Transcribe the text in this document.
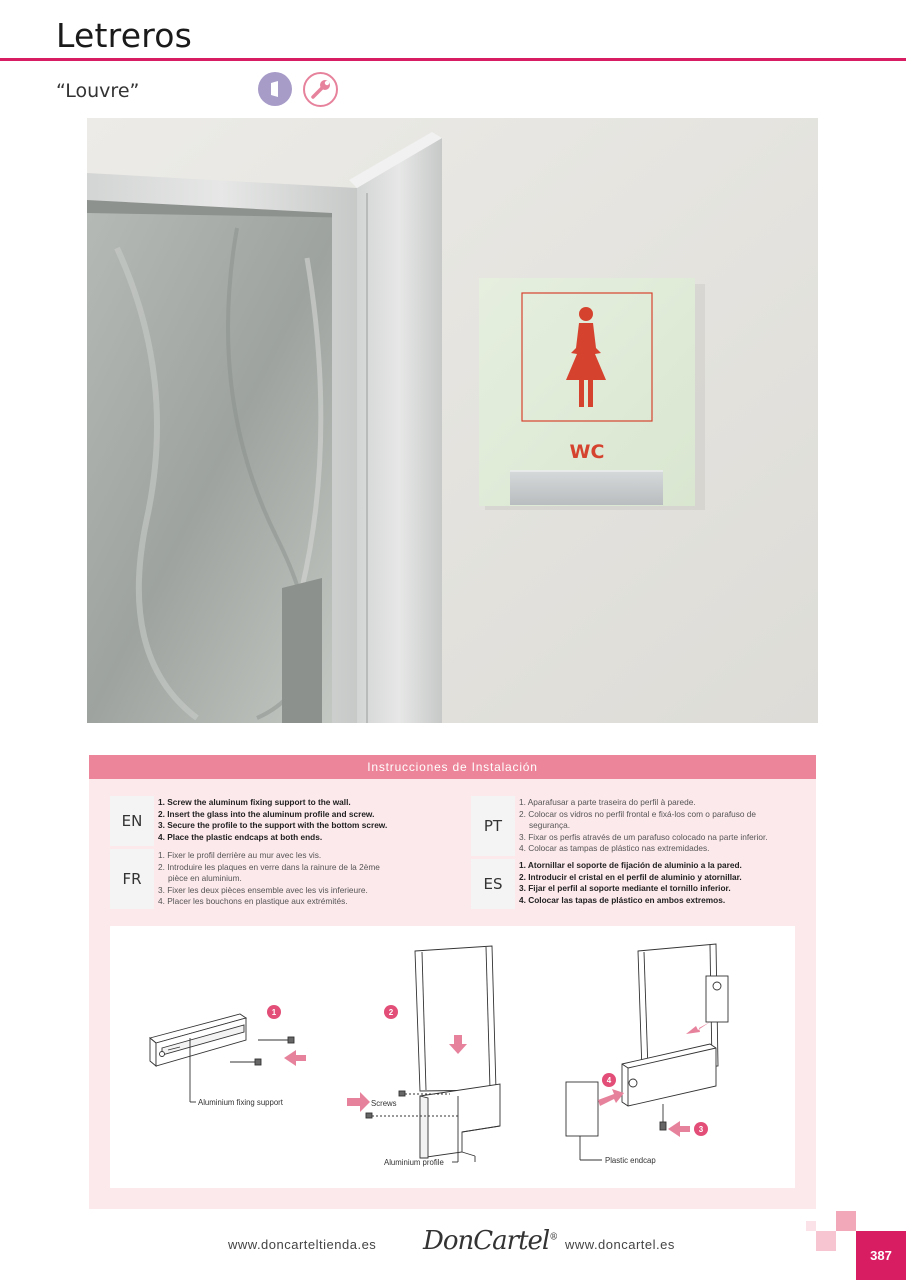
Letreros
“Louvre”
WC
Instrucciones de Instalación
EN
1. Screw the aluminum fixing support to the wall.
2. Insert the glass into the aluminum profile and screw.
3. Secure the profile to the support with the bottom screw.
4. Place the plastic endcaps at both ends.
FR
1. Fixer le profil derrière au mur avec les vis.
2. Introduire les plaques en verre dans la rainure de la 2ème
pièce en aluminium.
3. Fixer les deux pièces ensemble avec les vis inferieure.
4. Placer les bouchons en plastique aux extrémités.
PT
1. Aparafusar a parte traseira do perfil à parede.
2. Colocar os vidros no perfil frontal e fixá-los com o parafuso de
segurança.
3. Fixar os perfis através de um parafuso colocado na parte inferior.
4. Colocar as tampas de plástico nas extremidades.
ES
1. Atornillar el soporte de fijación de aluminio a la pared.
2. Introducir el cristal en el perfil de aluminio y atornillar.
3. Fijar el perfil al soporte mediante el tornillo inferior.
4. Colocar las tapas de plástico en ambos extremos.
1	2
3
4
Aluminium fixing support	Screws
Aluminium profile	Plastic endcap
www.doncarteltienda.es DonCartel® www.doncartel.es
387
